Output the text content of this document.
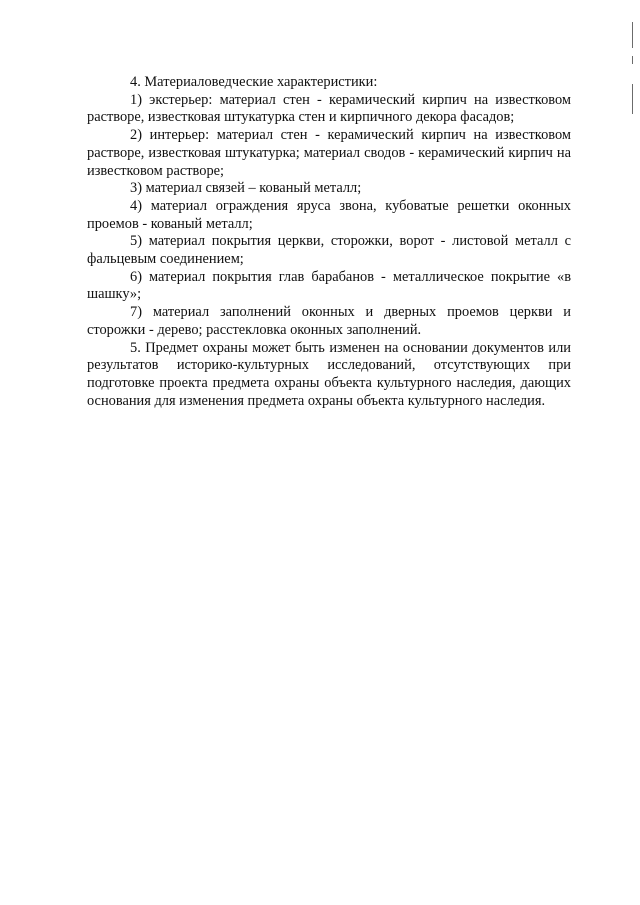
4. Материаловедческие характеристики:

1) экстерьер: материал стен - керамический кирпич на известковом растворе, известковая штукатурка стен и кирпичного декора фасадов;

2) интерьер: материал стен - керамический кирпич на известковом растворе, известковая штукатурка; материал сводов - керамический кирпич на известковом растворе;

3) материал связей – кованый металл;

4) материал ограждения яруса звона, кубоватые решетки оконных проемов - кованый металл;

5) материал покрытия церкви, сторожки, ворот - листовой металл с фальцевым соединением;

6) материал покрытия глав барабанов - металлическое покрытие «в шашку»;

7) материал заполнений оконных и дверных проемов церкви и сторожки - дерево; расстекловка оконных заполнений.

5. Предмет охраны может быть изменен на основании документов или результатов историко-культурных исследований, отсутствующих при подготовке проекта предмета охраны объекта культурного наследия, дающих основания для изменения предмета охраны объекта культурного наследия.
